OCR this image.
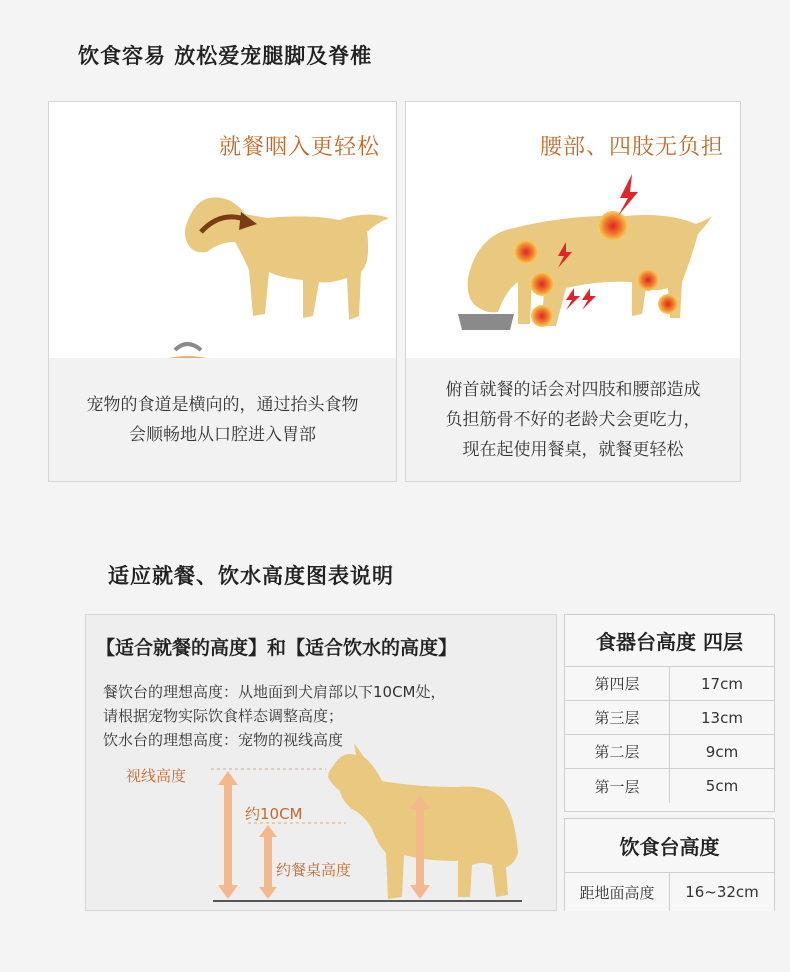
饮食容易 放松爱宠腿脚及脊椎
就餐咽入更轻松
宠物的食道是横向的，通过抬头食物
会顺畅地从口腔进入胃部
腰部、四肢无负担
俯首就餐的话会对四肢和腰部造成
负担筋骨不好的老龄犬会更吃力，
现在起使用餐桌，就餐更轻松
适应就餐、饮水高度图表说明
【适合就餐的高度】和【适合饮水的高度】
餐饮台的理想高度：从地面到犬肩部以下10CM处，
请根据宠物实际饮食样态调整高度；
饮水台的理想高度：宠物的视线高度
视线高度
约10CM
约餐桌高度
食器台高度 四层
第四层	17cm
第三层	13cm
第二层	9cm
第一层	5cm
饮食台高度
距地面高度	16~32cm
